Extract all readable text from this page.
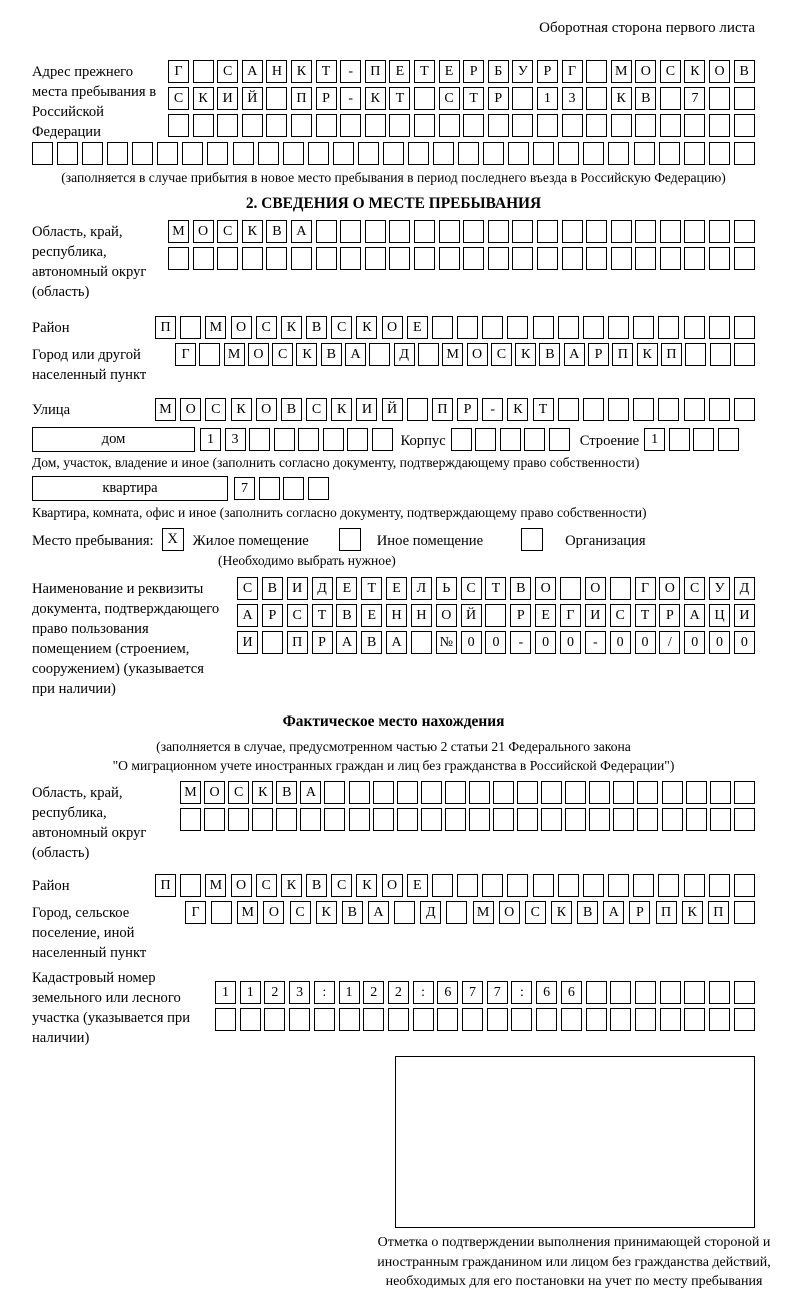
Оборотная сторона первого листа
Адрес прежнего места пребывания в Российской Федерации
Г	С	А	Н	К	Т	-	П	Е	Т	Е	Р	Б	У	Р	Г	М О	С	К	О	В
С	К	И	Й	П	Р	-	К	Т	С	Т	Р	1	3	К	В	7
(заполняется в случае прибытия в новое место пребывания в период последнего въезда в Российскую Федерацию)
2. СВЕДЕНИЯ О МЕСТЕ ПРЕБЫВАНИЯ
Область, край, республика, автономный округ (область)
М О	С	К	В	А
Район	П	М О	С	К	В	С	К	О	Е
Город или другой населенный пункт
Г	М О	С	К	В	А	Д	М О	С	К	В	А	Р	П	К	П
Улица	М О	С	К	О	В	С	К	И	Й	П	Р	-	К	Т
дом	1	3	Корпус	Строение 1
Дом, участок, владение и иное (заполнить согласно документу, подтверждающему право собственности)
квартира	7
Квартира, комната, офис и иное (заполнить согласно документу, подтверждающему право собственности)
Место пребывания: X	Жилое помещение	Иное помещение	Организация
(Необходимо выбрать нужное)
Наименование и реквизиты документа, подтверждающего право пользования помещением (строением, сооружением) (указывается при наличии)
С	В	И	Д	Е	Т	Е	Л	Ь	С	Т	В	О	О	Г	О	С	У	Д
А	Р	С	Т	В	Е	Н	Н	О	Й	Р	Е	Г	И	С	Т	Р	А	Ц	И
И	П	Р	А	В	А	№	0	0	-	0	0	-	0	0	/	0	0	0
Фактическое место нахождения
(заполняется в случае, предусмотренном частью 2 статьи 21 Федерального закона
"О миграционном учете иностранных граждан и лиц без гражданства в Российской Федерации")
Область, край, республика, автономный округ (область)
М О	С	К	В	А
Район	П	М О	С	К	В	С	К	О	Е
Город, сельское поселение, иной населенный пункт
Г	М	О	С	К	В	А	Д	М	О	С	К	В	А	Р	П	К	П
Кадастровый номер земельного или лесного участка (указывается при наличии)
1	1	2	3	:	1	2	2	:	6	7	7	:	6	6
Отметка о подтверждении выполнения принимающей стороной и иностранным гражданином или лицом без гражданства действий, необходимых для его постановки на учет по месту пребывания
